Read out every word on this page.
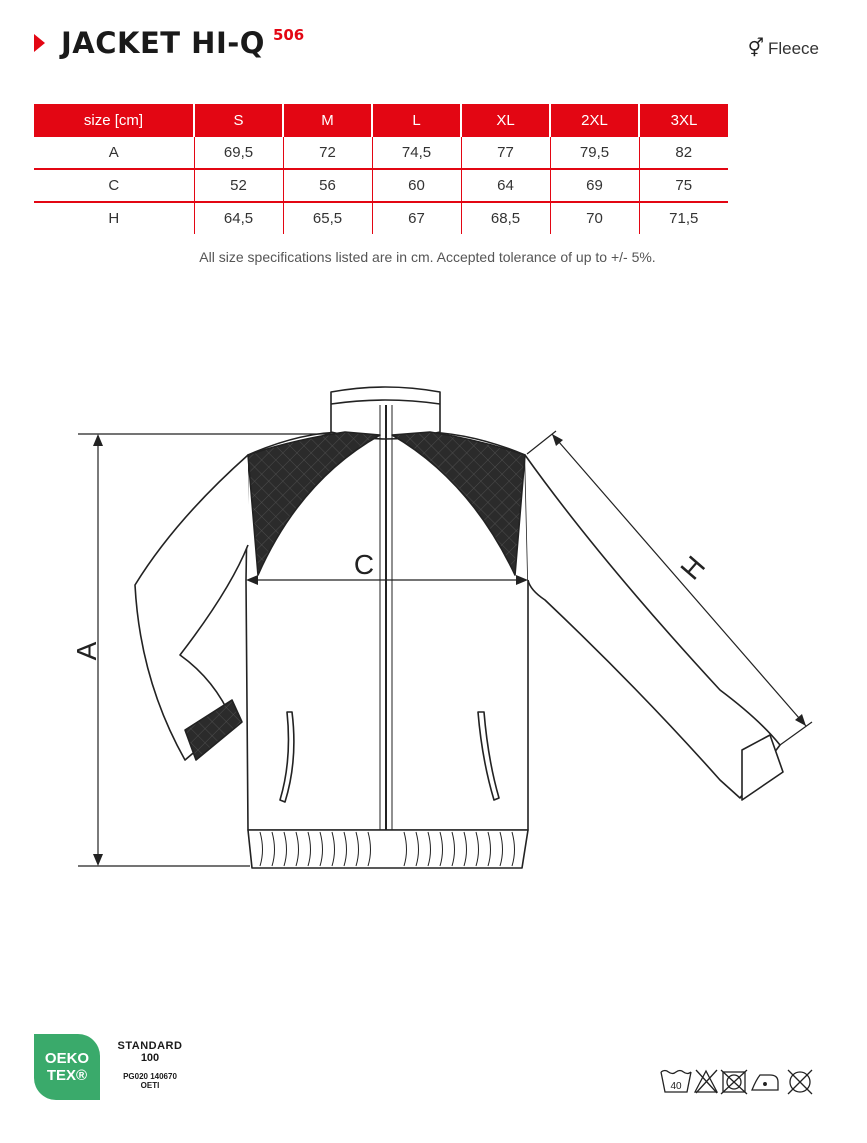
JACKET HI-Q 506
⚥ Fleece
size [cm]	S	M	L	XL	2XL	3XL
A	69,5	72	74,5	77	79,5	82
C	52	56	60	64	69	75
H	64,5	65,5	67	68,5	70	71,5
All size specifications listed are in cm. Accepted tolerance of up to +/- 5%.
A
C	H
OEKO
TEX®
STANDARD
100
PG020 140670
OETI	40
